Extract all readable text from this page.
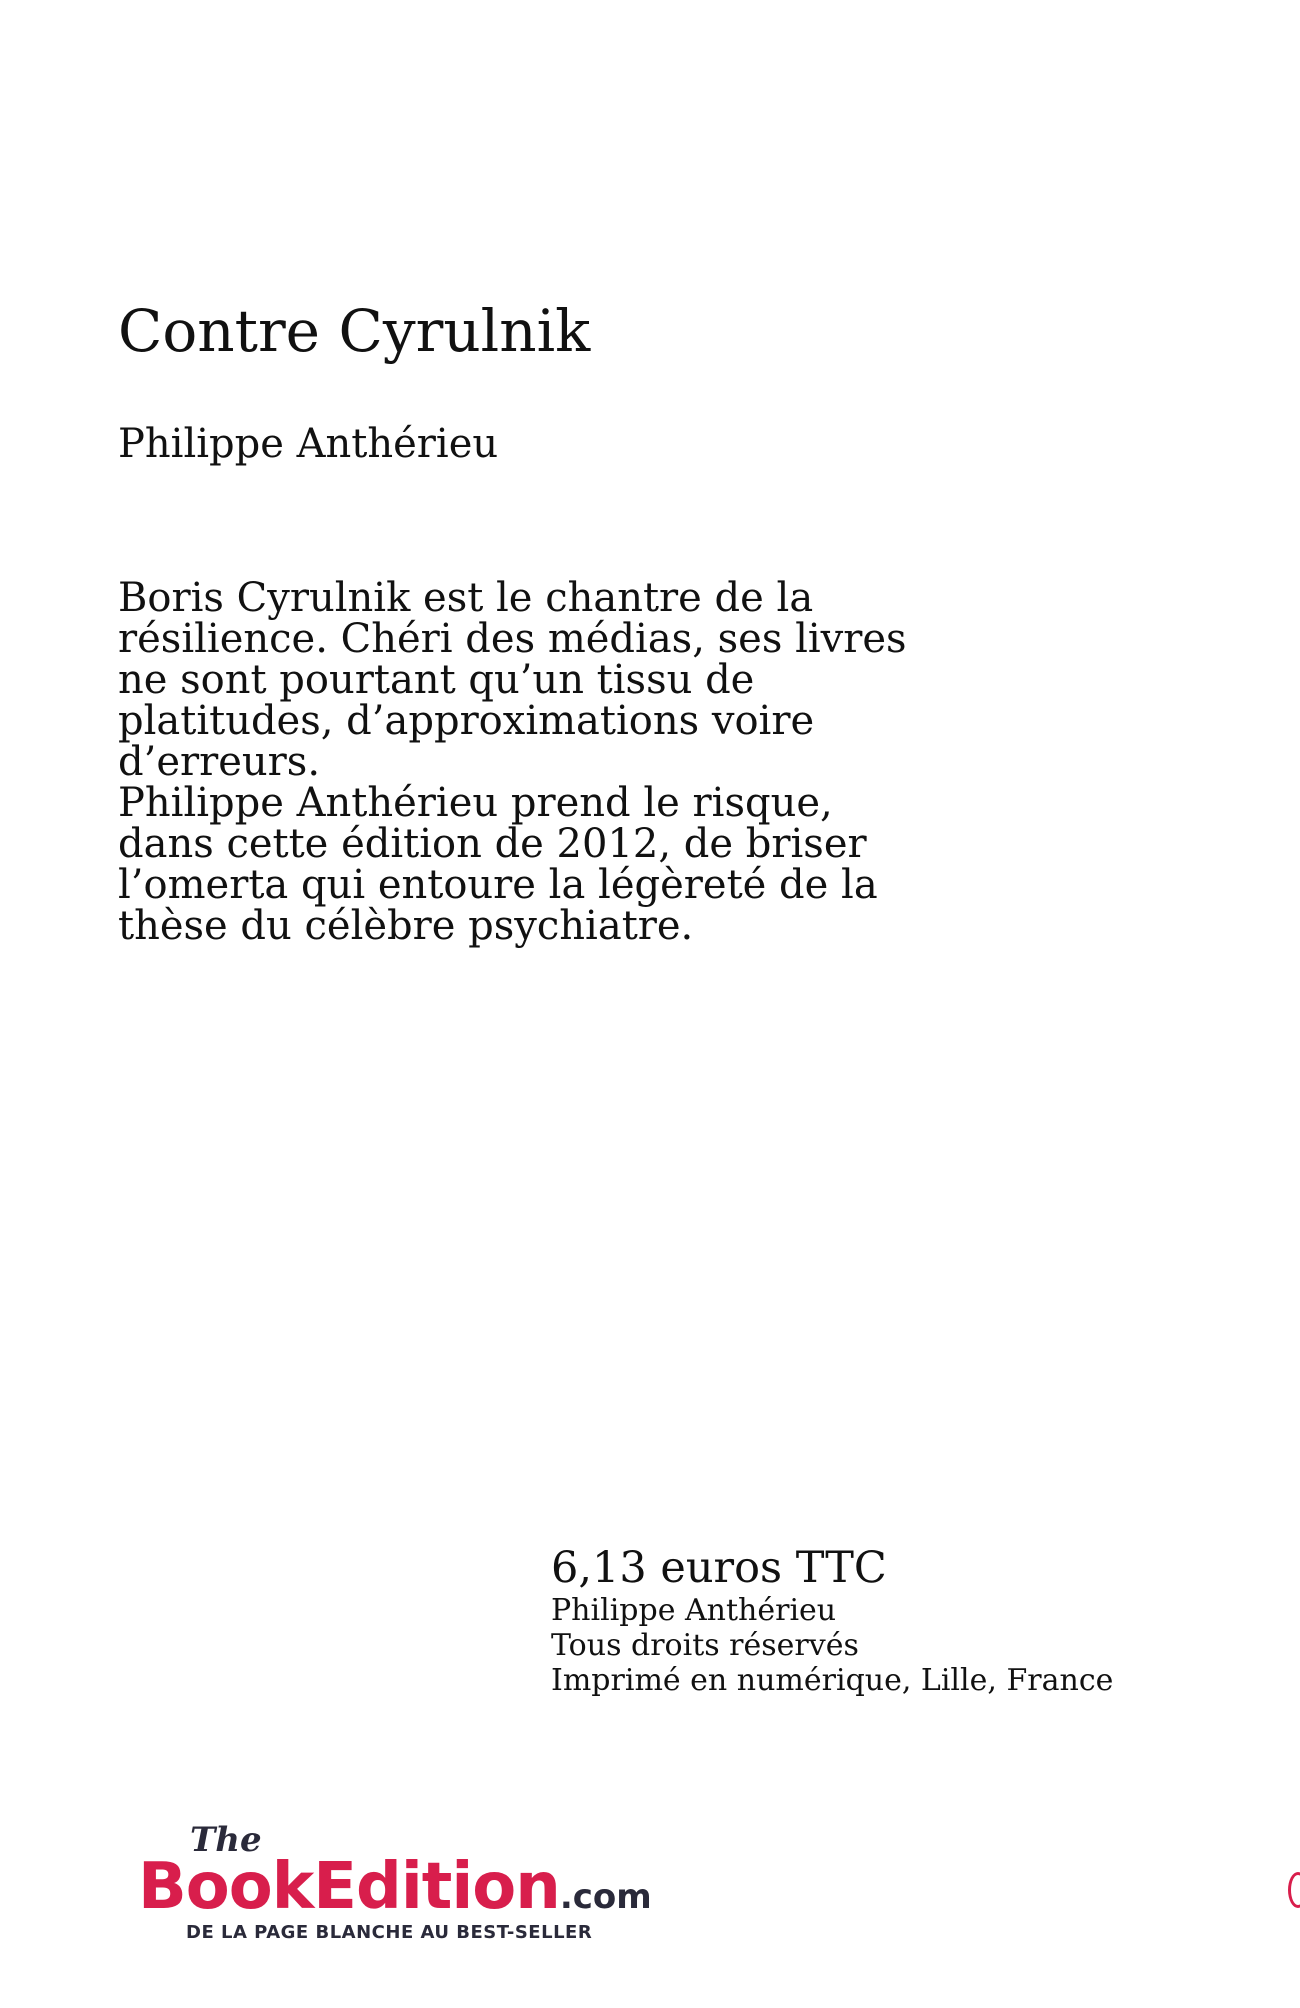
Contre Cyrulnik
Philippe Anthérieu
Boris Cyrulnik est le chantre de la
résilience. Chéri des médias, ses livres
ne sont pourtant qu’un tissu de
platitudes, d’approximations voire
d’erreurs.
Philippe Anthérieu prend le risque,
dans cette édition de 2012, de briser
l’omerta qui entoure la légèreté de la
thèse du célèbre psychiatre.
6,13 euros TTC
Philippe Anthérieu
Tous droits réservés
Imprimé en numérique, Lille, France
The
BookEdition.com
DE LA PAGE BLANCHE AU BEST-SELLER
